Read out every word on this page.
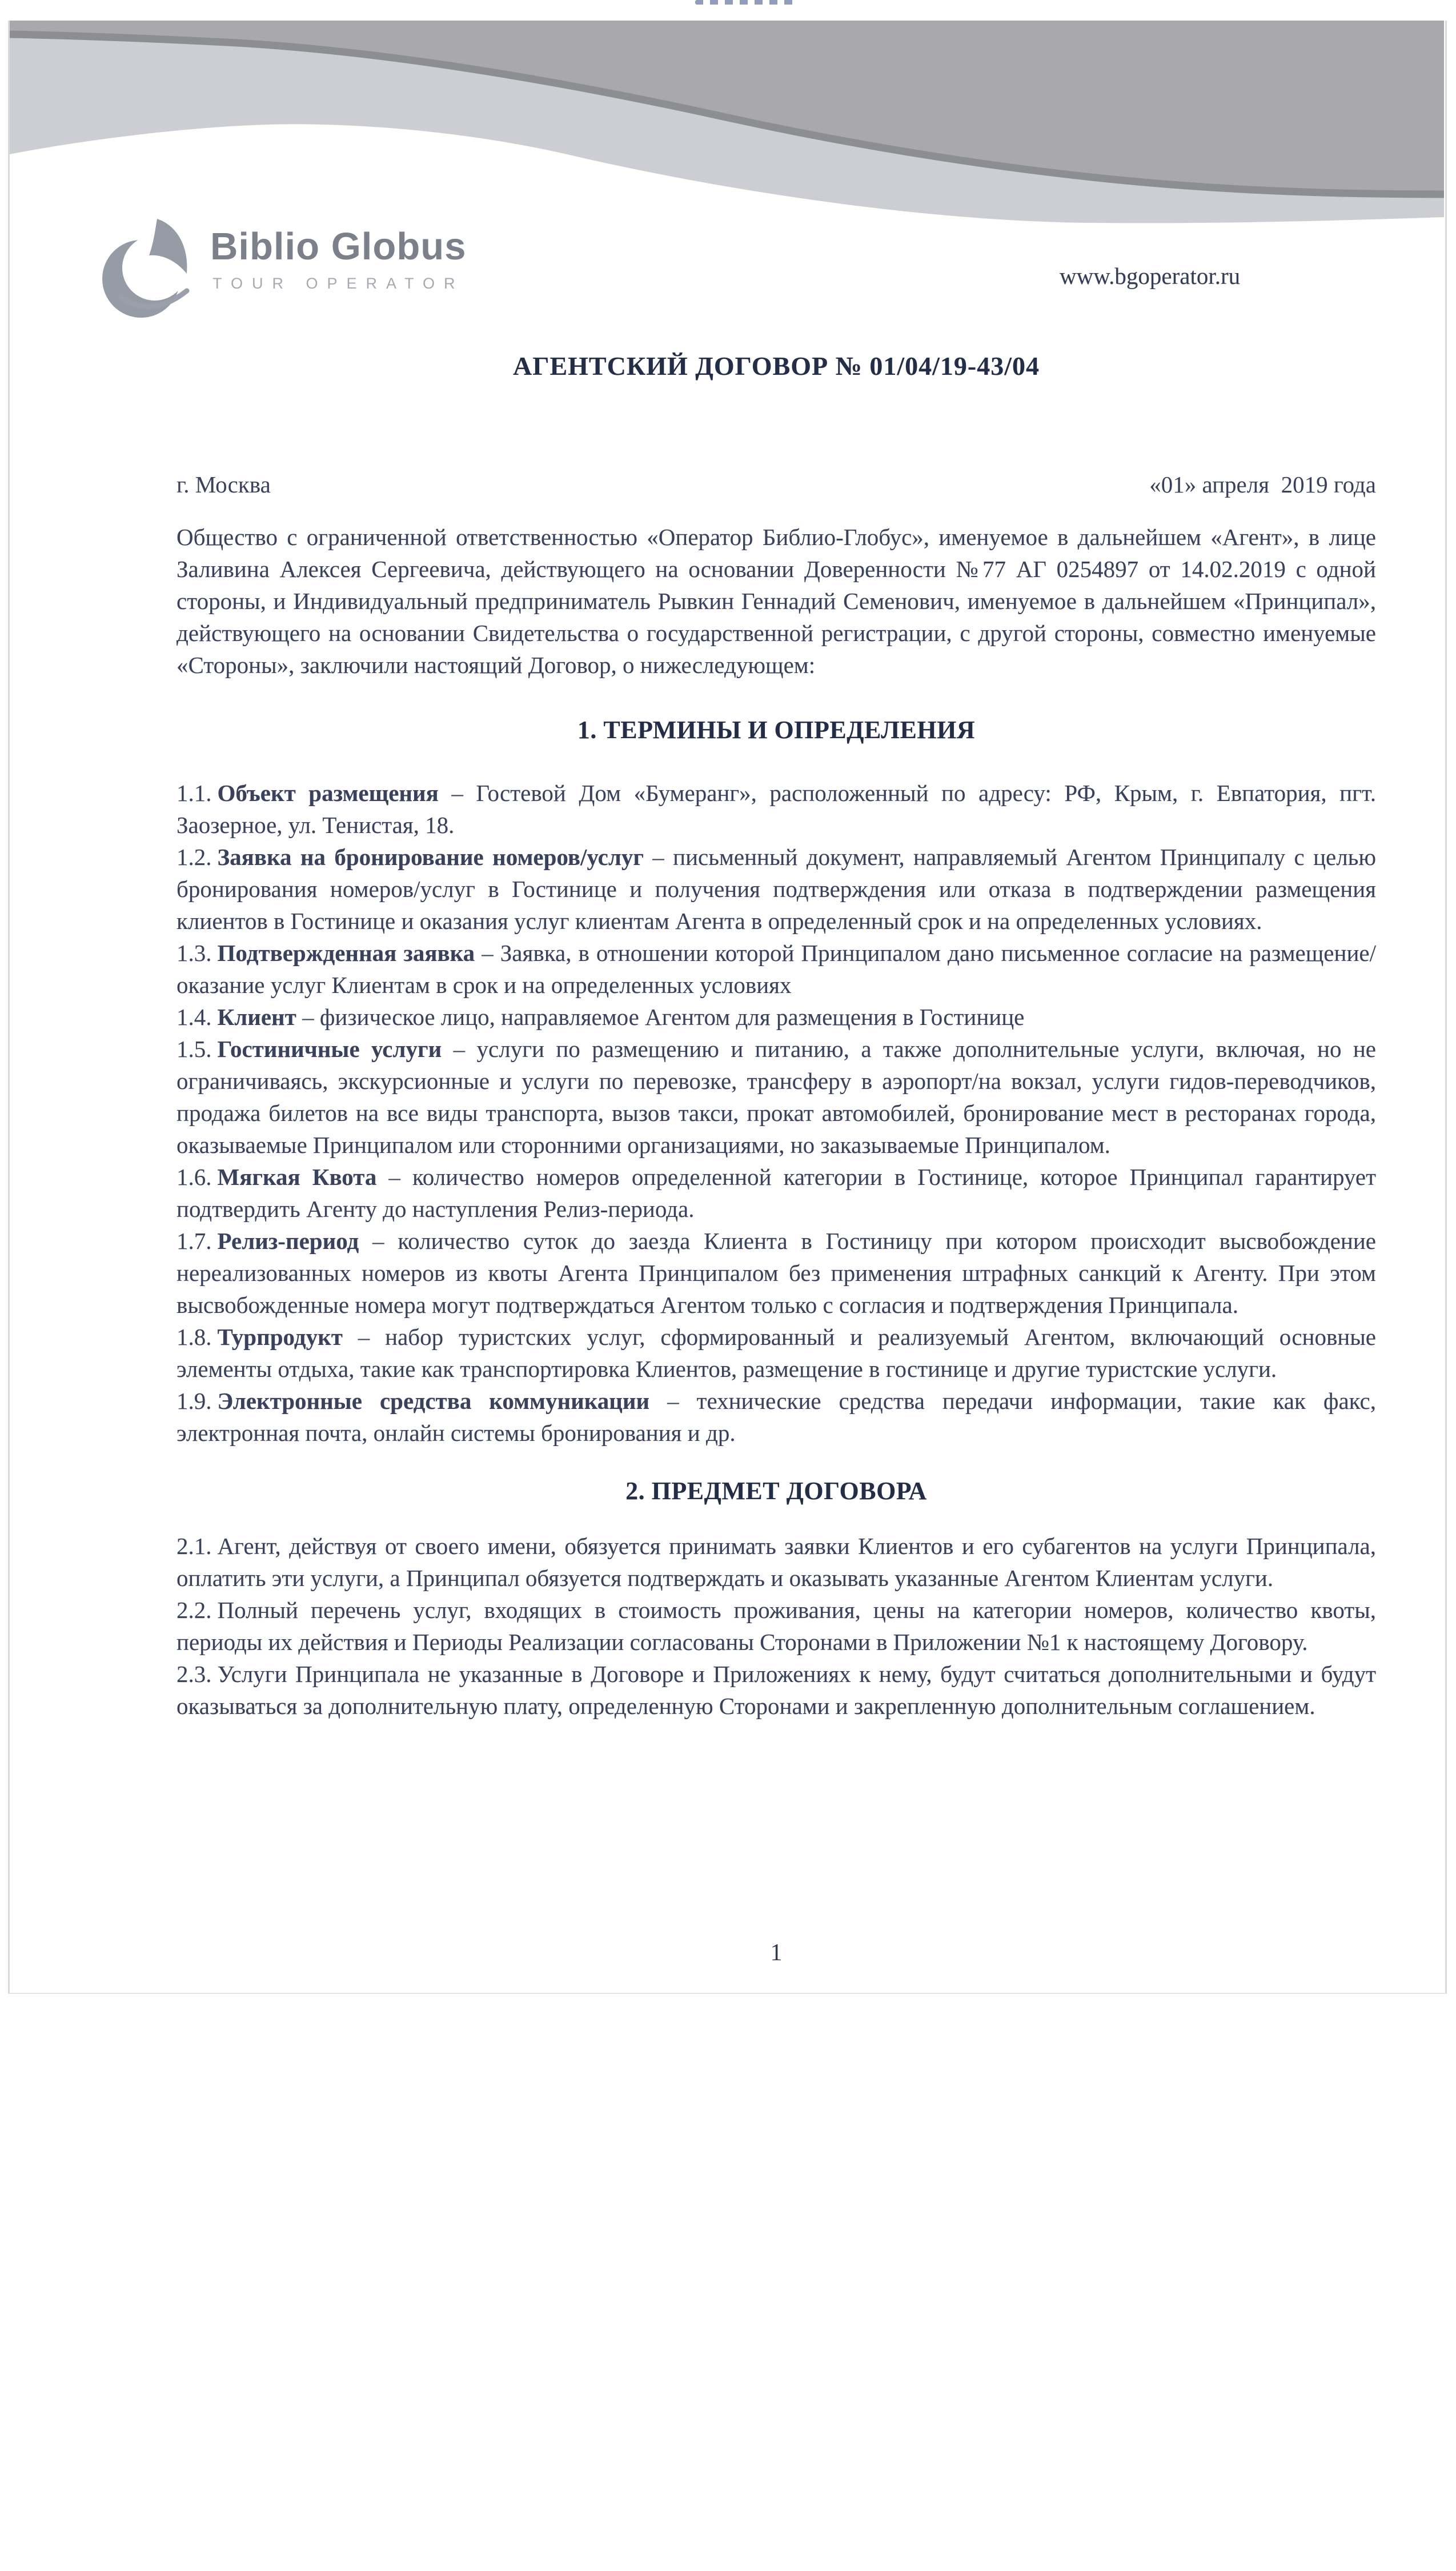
Biblio Globus
TOUR OPERATOR	www.bgoperator.ru
АГЕНТСКИЙ ДОГОВОР № 01/04/19-43/04
г. Москва	«01» апреля  2019 года

Общество с ограниченной ответственностью «Оператор Библио-Глобус», именуемое в дальнейшем «Агент», в лице Заливина Алексея Сергеевича, действующего на основании Доверенности №77 АГ 0254897 от 14.02.2019 с одной стороны, и Индивидуальный предприниматель Рывкин Геннадий Семенович, именуемое в дальнейшем «Принципал», действующего на основании Свидетельства о государственной регистрации, с другой стороны, совместно именуемые «Стороны», заключили настоящий Договор, о нижеследующем:

1. ТЕРМИНЫ И ОПРЕДЕЛЕНИЯ

1.1. Объект размещения – Гостевой Дом «Бумеранг», расположенный по адресу: РФ, Крым, г. Евпатория, пгт. Заозерное, ул. Тенистая, 18.

1.2. Заявка на бронирование номеров/услуг – письменный документ, направляемый Агентом Принципалу с целью бронирования номеров/услуг в Гостинице и получения подтверждения или отказа в подтверждении размещения клиентов в Гостинице и оказания услуг клиентам Агента в определенный срок и на определенных условиях.

1.3. Подтвержденная заявка – Заявка, в отношении которой Принципалом дано письменное согласие на размещение/оказание услуг Клиентам в срок и на определенных условиях

1.4. Клиент – физическое лицо, направляемое Агентом для размещения в Гостинице

1.5. Гостиничные услуги – услуги по размещению и питанию, а также дополнительные услуги, включая, но не ограничиваясь, экскурсионные и услуги по перевозке, трансферу в аэропорт/на вокзал, услуги гидов-переводчиков, продажа билетов на все виды транспорта, вызов такси, прокат автомобилей, бронирование мест в ресторанах города, оказываемые Принципалом или сторонними организациями, но заказываемые Принципалом.

1.6. Мягкая Квота – количество номеров определенной категории в Гостинице, которое Принципал гарантирует подтвердить Агенту до наступления Релиз-периода.

1.7. Релиз-период – количество суток до заезда Клиента в Гостиницу при котором происходит высвобождение нереализованных номеров из квоты Агента Принципалом без применения штрафных санкций к Агенту. При этом высвобожденные номера могут подтверждаться Агентом только с согласия и подтверждения Принципала.

1.8. Турпродукт – набор туристских услуг, сформированный и реализуемый Агентом, включающий основные элементы отдыха, такие как транспортировка Клиентов, размещение в гостинице и другие туристские услуги.

1.9. Электронные средства коммуникации – технические средства передачи информации, такие как факс, электронная почта, онлайн системы бронирования и др.

2. ПРЕДМЕТ ДОГОВОРА

2.1. Агент, действуя от своего имени, обязуется принимать заявки Клиентов и его субагентов на услуги Принципала, оплатить эти услуги, а Принципал обязуется подтверждать и оказывать указанные Агентом Клиентам услуги.

2.2. Полный перечень услуг, входящих в стоимость проживания, цены на категории номеров, количество квоты, периоды их действия и Периоды Реализации согласованы Сторонами в Приложении №1 к настоящему Договору.

2.3. Услуги Принципала не указанные в Договоре и Приложениях к нему, будут считаться дополнительными и будут оказываться за дополнительную плату, определенную Сторонами и закрепленную дополнительным соглашением.

1
